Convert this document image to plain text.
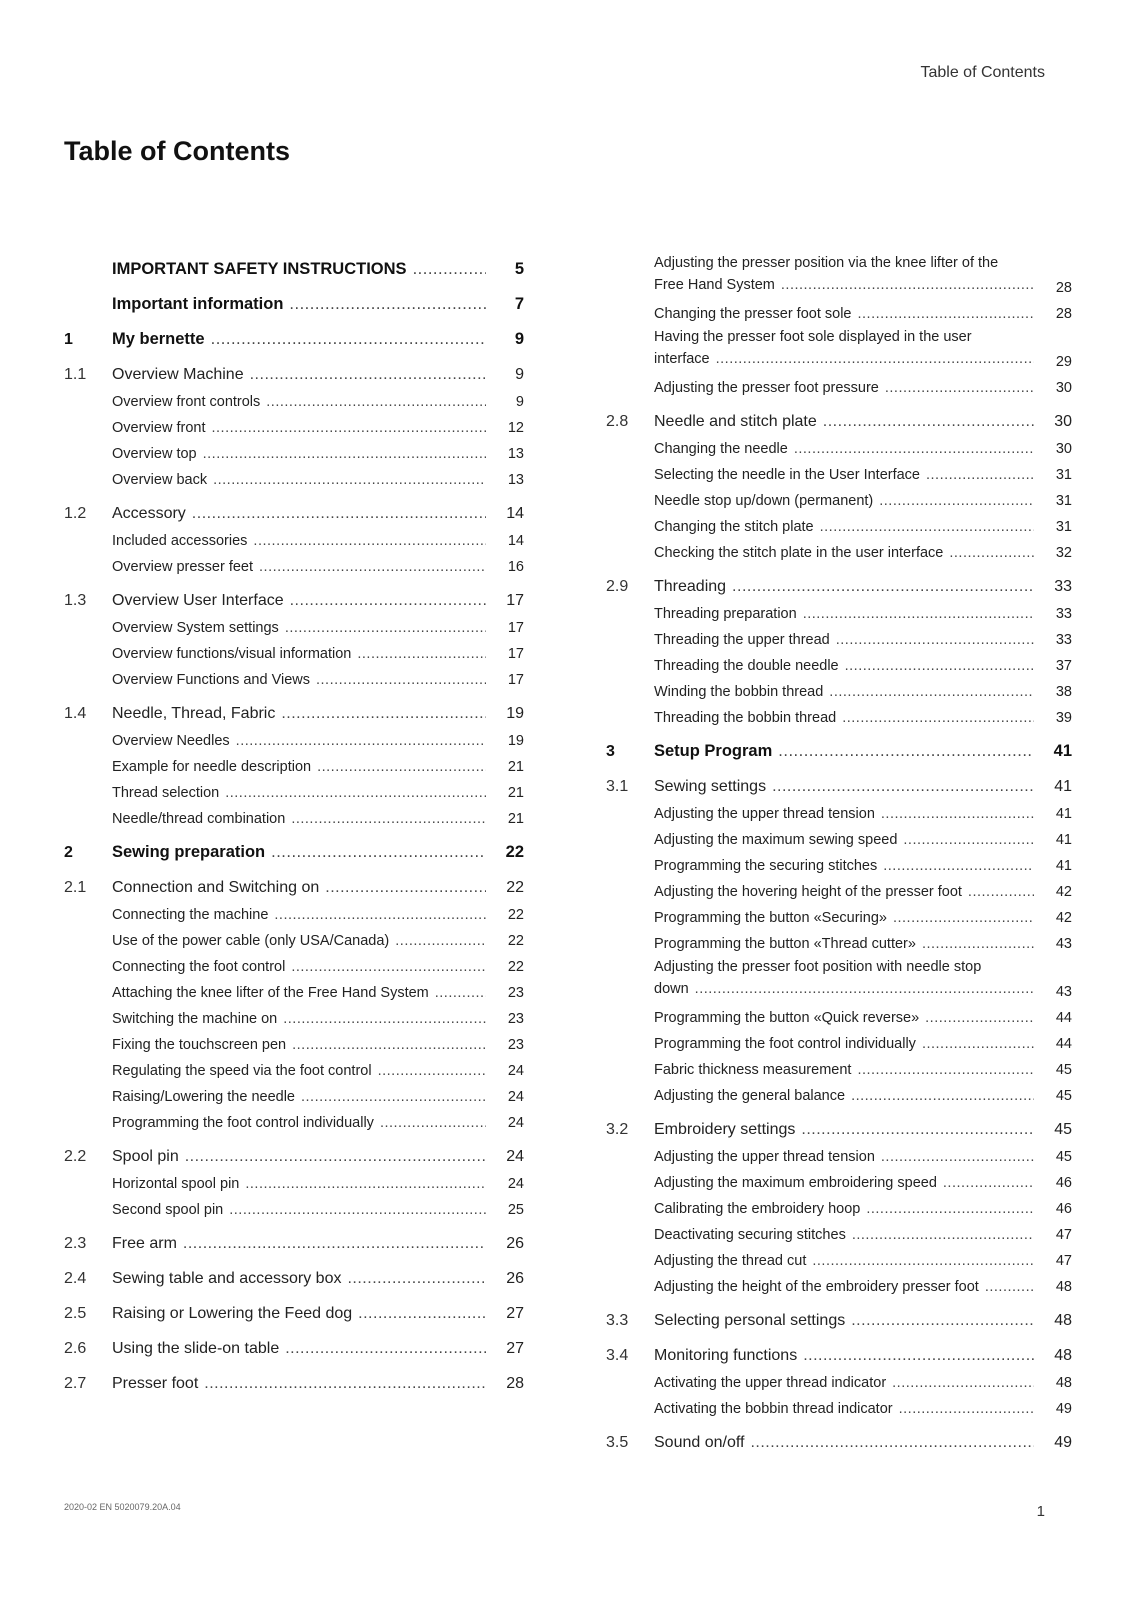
Table of Contents
Table of Contents
IMPORTANT SAFETY INSTRUCTIONS .....	5
Important information .....	7
1	My bernette .....	9
1.1	Overview Machine .....	9
Overview front controls .....	9
Overview front .....	12
Overview top .....	13
Overview back .....	13
1.2	Accessory .....	14
Included accessories .....	14
Overview presser feet .....	16
1.3	Overview User Interface .....	17
Overview System settings .....	17
Overview functions/visual information .....	17
Overview Functions and Views .....	17
1.4	Needle, Thread, Fabric .....	19
Overview Needles .....	19
Example for needle description .....	21
Thread selection .....	21
Needle/thread combination .....	21
2	Sewing preparation .....	22
2.1	Connection and Switching on .....	22
Connecting the machine .....	22
Use of the power cable (only USA/Canada) .....	22
Connecting the foot control .....	22
Attaching the knee lifter of the Free Hand System .....	23
Switching the machine on .....	23
Fixing the touchscreen pen .....	23
Regulating the speed via the foot control .....	24
Raising/Lowering the needle .....	24
Programming the foot control individually .....	24
2.2	Spool pin .....	24
Horizontal spool pin .....	24
Second spool pin .....	25
2.3	Free arm .....	26
2.4	Sewing table and accessory box .....	26
2.5	Raising or Lowering the Feed dog .....	27
2.6	Using the slide-on table .....	27
2.7	Presser foot .....	28
Adjusting the presser position via the knee lifter of the
Free Hand System .....	28
Changing the presser foot sole .....	28
Having the presser foot sole displayed in the user
interface .....	29
Adjusting the presser foot pressure .....	30
2.8	Needle and stitch plate .....	30
Changing the needle .....	30
Selecting the needle in the User Interface .....	31
Needle stop up/down (permanent) .....	31
Changing the stitch plate .....	31
Checking the stitch plate in the user interface .....	32
2.9	Threading .....	33
Threading preparation .....	33
Threading the upper thread .....	33
Threading the double needle .....	37
Winding the bobbin thread .....	38
Threading the bobbin thread .....	39
3	Setup Program .....	41
3.1	Sewing settings .....	41
Adjusting the upper thread tension .....	41
Adjusting the maximum sewing speed .....	41
Programming the securing stitches .....	41
Adjusting the hovering height of the presser foot .....	42
Programming the button «Securing» .....	42
Programming the button «Thread cutter» .....	43
Adjusting the presser foot position with needle stop
down .....	43
Programming the button «Quick reverse» .....	44
Programming the foot control individually .....	44
Fabric thickness measurement .....	45
Adjusting the general balance .....	45
3.2	Embroidery settings .....	45
Adjusting the upper thread tension .....	45
Adjusting the maximum embroidering speed .....	46
Calibrating the embroidery hoop .....	46
Deactivating securing stitches .....	47
Adjusting the thread cut .....	47
Adjusting the height of the embroidery presser foot .....	48
3.3	Selecting personal settings .....	48
3.4	Monitoring functions .....	48
Activating the upper thread indicator .....	48
Activating the bobbin thread indicator .....	49
3.5	Sound on/off .....	49
2020-02 EN 5020079.20A.04	1
